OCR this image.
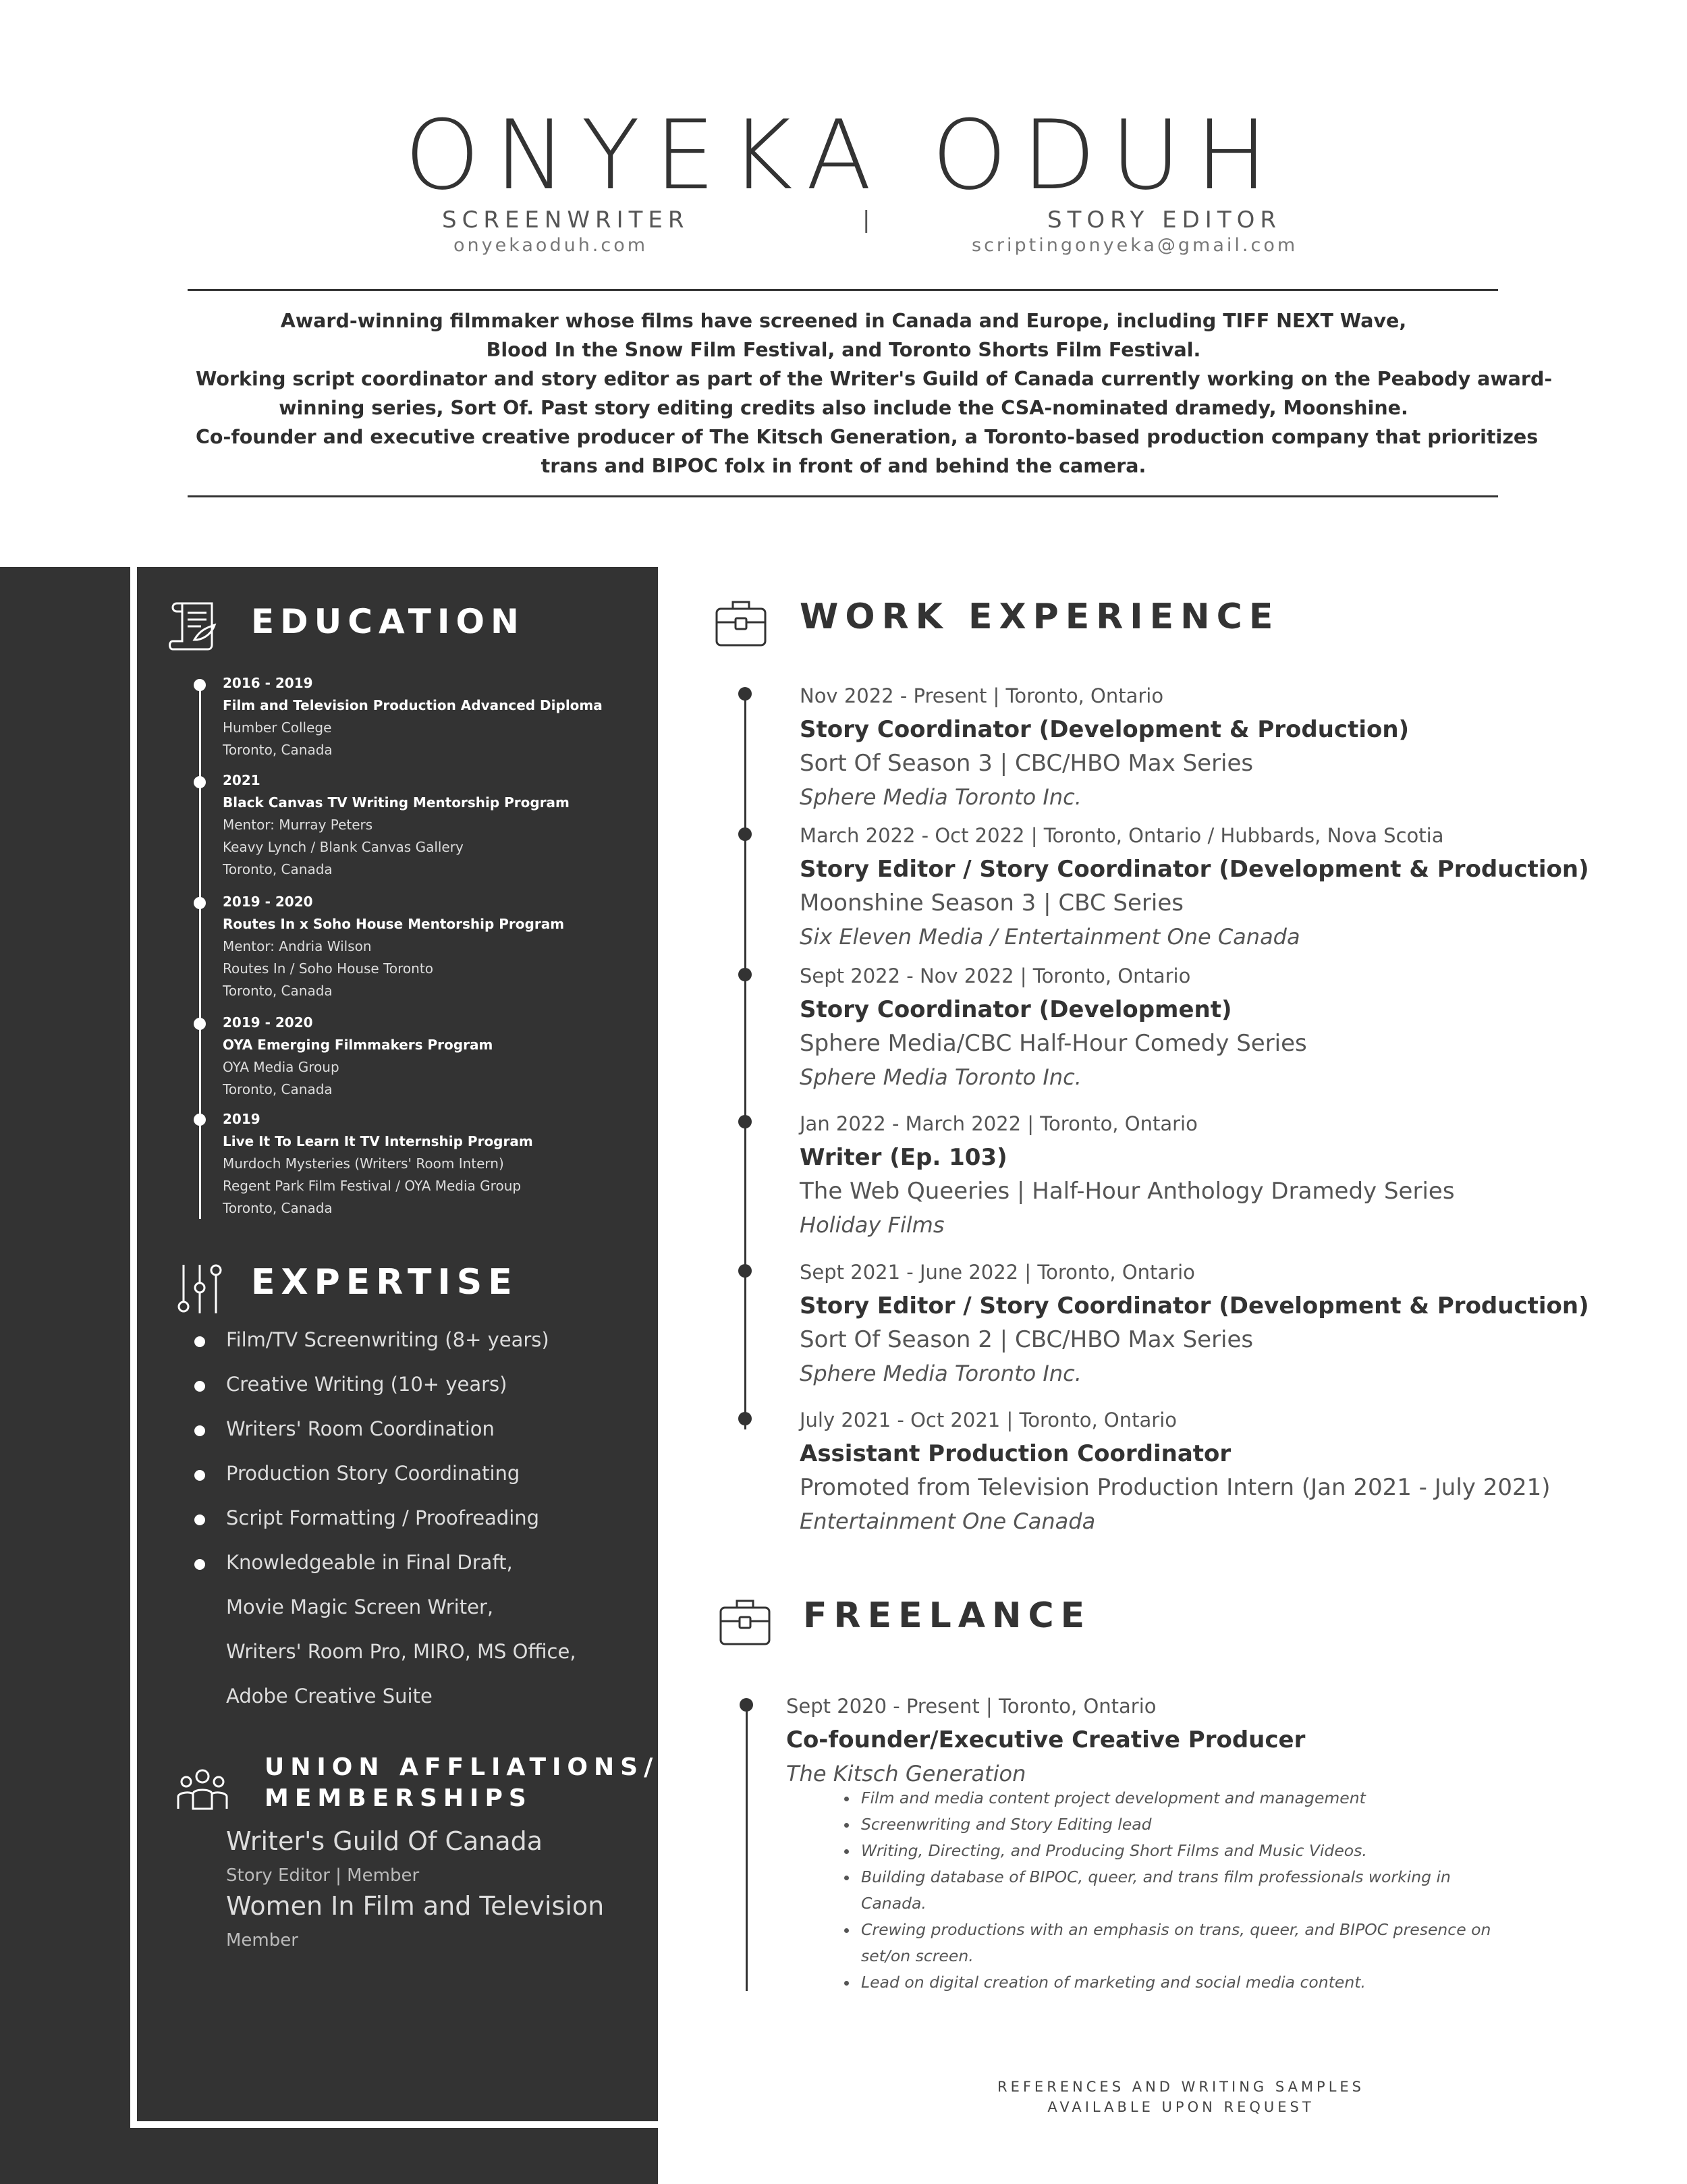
ONYEKA ODUH
SCREENWRITER	|	STORY EDITOR
onyekaoduh.com	scriptingonyeka@gmail.com
Award-winning filmmaker whose films have screened in Canada and Europe, including TIFF NEXT Wave,
Blood In the Snow Film Festival, and Toronto Shorts Film Festival.
Working script coordinator and story editor as part of the Writer's Guild of Canada currently working on the Peabody award-
winning series, Sort Of. Past story editing credits also include the CSA-nominated dramedy, Moonshine.
Co-founder and executive creative producer of The Kitsch Generation, a Toronto-based production company that prioritizes
trans and BIPOC folx in front of and behind the camera.
EDUCATION
2016 - 2019
Film and Television Production Advanced Diploma
Humber College
Toronto, Canada
2021
Black Canvas TV Writing Mentorship Program
Mentor: Murray Peters
Keavy Lynch / Blank Canvas Gallery
Toronto, Canada
2019 - 2020
Routes In x Soho House Mentorship Program
Mentor: Andria Wilson
Routes In / Soho House Toronto
Toronto, Canada
2019 - 2020
OYA Emerging Filmmakers Program
OYA Media Group
Toronto, Canada
2019
Live It To Learn It TV Internship Program
Murdoch Mysteries (Writers' Room Intern)
Regent Park Film Festival / OYA Media Group
Toronto, Canada
EXPERTISE
Film/TV Screenwriting (8+ years)
Creative Writing (10+ years)
Writers' Room Coordination
Production Story Coordinating
Script Formatting / Proofreading
Knowledgeable in Final Draft,
Movie Magic Screen Writer,
Writers' Room Pro, MIRO, MS Office,
Adobe Creative Suite
UNION AFFLIATIONS/
MEMBERSHIPS
Writer's Guild Of Canada
Story Editor | Member
Women In Film and Television
Member
WORK EXPERIENCE
Nov 2022 - Present | Toronto, Ontario
Story Coordinator (Development & Production)
Sort Of Season 3 | CBC/HBO Max Series
Sphere Media Toronto Inc.
March 2022 - Oct 2022 | Toronto, Ontario / Hubbards, Nova Scotia
Story Editor / Story Coordinator (Development & Production)
Moonshine Season 3 | CBC Series
Six Eleven Media / Entertainment One Canada
Sept 2022 - Nov 2022 | Toronto, Ontario
Story Coordinator (Development)
Sphere Media/CBC Half-Hour Comedy Series
Sphere Media Toronto Inc.
Jan 2022 - March 2022 | Toronto, Ontario
Writer (Ep. 103)
The Web Queeries | Half-Hour Anthology Dramedy Series
Holiday Films
Sept 2021 - June 2022 | Toronto, Ontario
Story Editor / Story Coordinator (Development & Production)
Sort Of Season 2 | CBC/HBO Max Series
Sphere Media Toronto Inc.
July 2021 - Oct 2021 | Toronto, Ontario
Assistant Production Coordinator
Promoted from Television Production Intern (Jan 2021 - July 2021)
Entertainment One Canada
FREELANCE
Sept 2020 - Present | Toronto, Ontario
Co-founder/Executive Creative Producer
The Kitsch Generation
• Film and media content project development and management
• Screenwriting and Story Editing lead
• Writing, Directing, and Producing Short Films and Music Videos.
• Building database of BIPOC, queer, and trans film professionals working in Canada.
• Crewing productions with an emphasis on trans, queer, and BIPOC presence on set/on screen.
• Lead on digital creation of marketing and social media content.
REFERENCES AND WRITING SAMPLES
AVAILABLE UPON REQUEST
